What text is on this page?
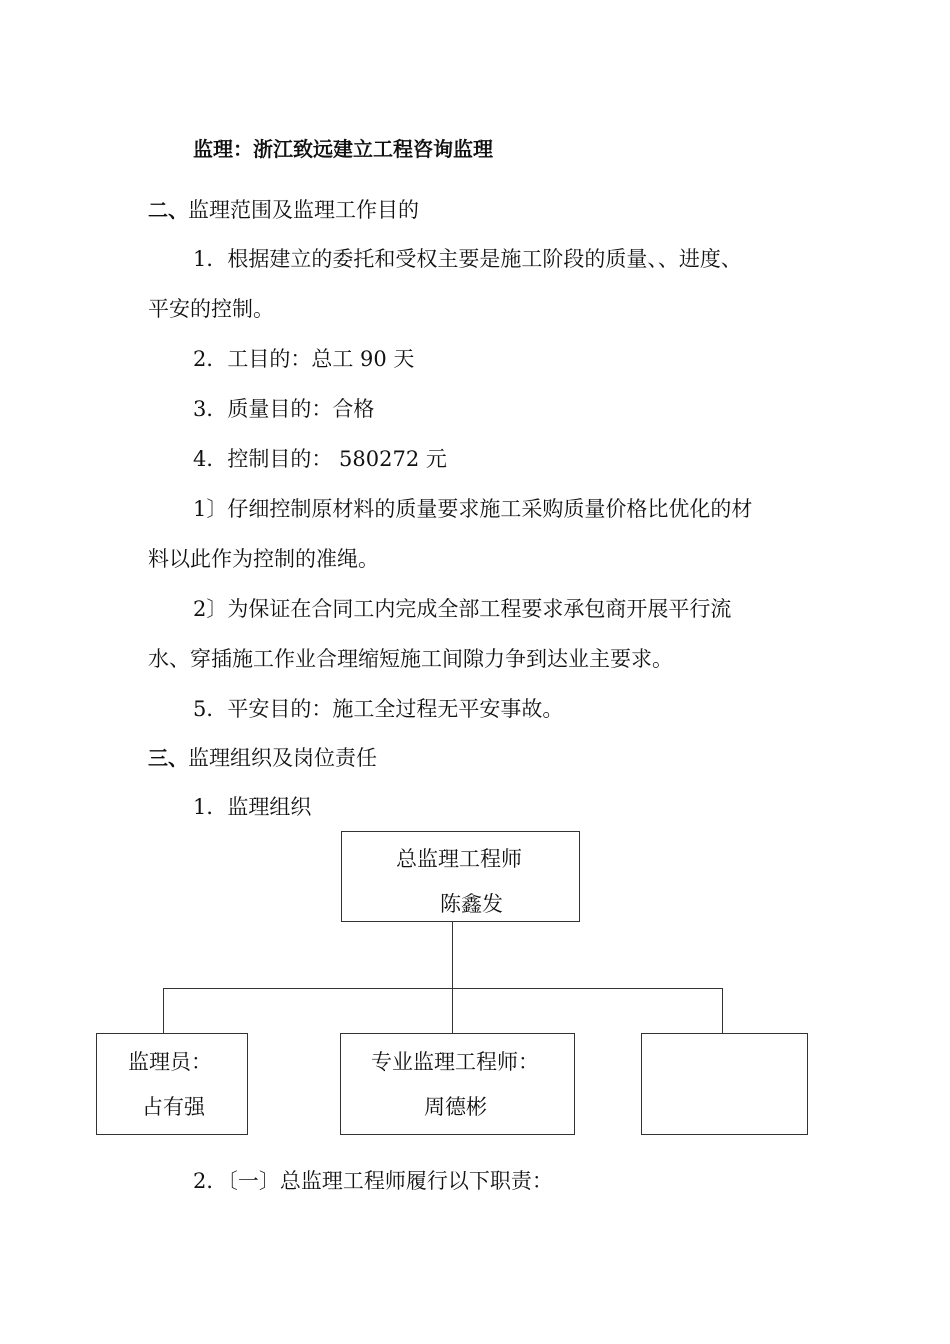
监理：浙江致远建立工程咨询监理
二、监理范围及监理工作目的
1．根据建立的委托和受权主要是施工阶段的质量、、进度、
平安的控制。
2．工目的：总工 90 天
3．质量目的：合格
4．控制目的： 580272 元
1〕仔细控制原材料的质量要求施工采购质量价格比优化的材
料以此作为控制的准绳。
2〕为保证在合同工内完成全部工程要求承包商开展平行流
水、穿插施工作业合理缩短施工间隙力争到达业主要求。
5．平安目的：施工全过程无平安事故。
三、监理组织及岗位责任
1．监理组织
总监理工程师
陈鑫发
监理员：
占有强
专业监理工程师：
周德彬
2．〔一〕总监理工程师履行以下职责：
